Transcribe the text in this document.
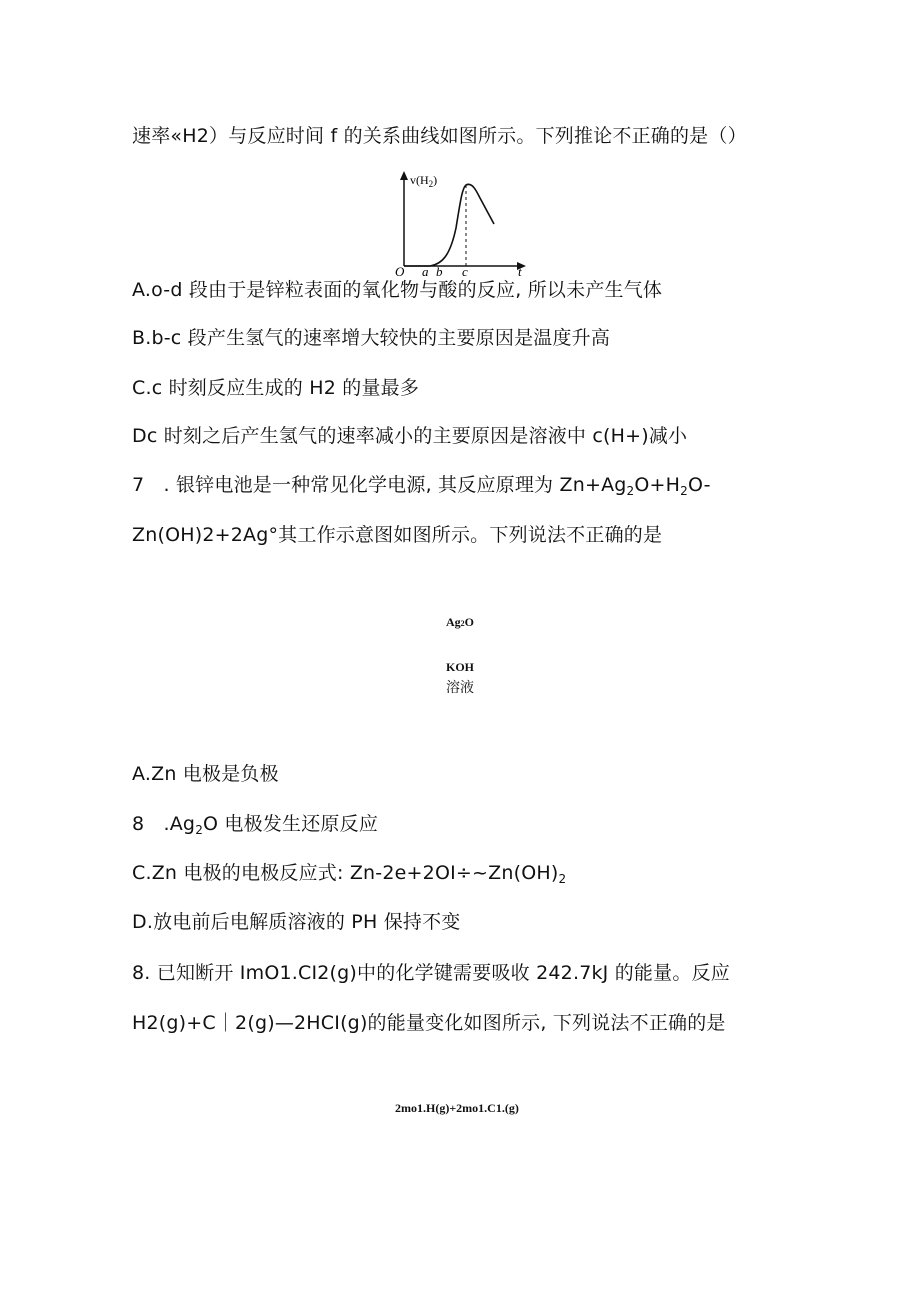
速率«H2）与反应时间 f 的关系曲线如图所示。下列推论不正确的是（）
$v(H_2)$
O a b c	t
A.o-d 段由于是锌粒表面的氧化物与酸的反应, 所以未产生气体
B.b-c 段产生氢气的速率增大较快的主要原因是温度升高
C.c 时刻反应生成的 H2 的量最多
Dc 时刻之后产生氢气的速率减小的主要原因是溶液中 c(H+)减小
7　. 银锌电池是一种常见化学电源, 其反应原理为 $Zn+Ag_2O+H_2O-$
Zn(OH)2+2Ag°其工作示意图如图所示。下列说法不正确的是
Ag2O
KOH
溶液
A.Zn 电极是负极
8　$.Ag_2O$ 电极发生还原反应
C.Zn 电极的电极反应式: $Zn-2e+2OI\div\sim Zn(OH)_2$
D.放电前后电解质溶液的 PH 保持不变
8. 已知断开 ImO1.CI2(g)中的化学键需要吸收 242.7kJ 的能量。反应
H2(g)+C｜2(g)—2HCI(g)的能量变化如图所示, 下列说法不正确的是
2mo1.H(g)+2mo1.C1.(g)
